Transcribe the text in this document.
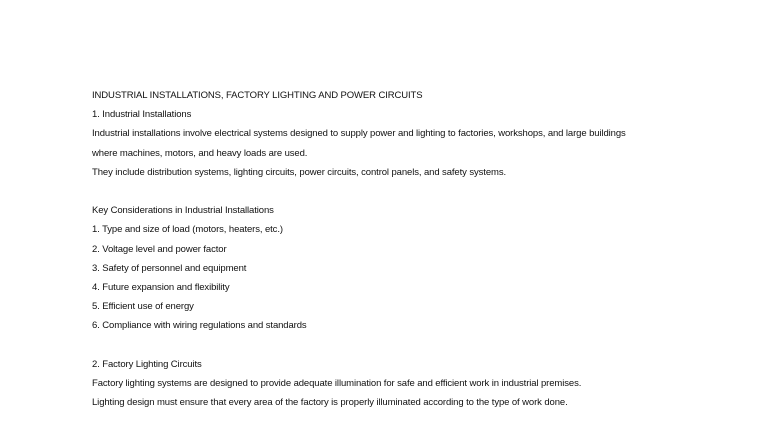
INDUSTRIAL INSTALLATIONS, FACTORY LIGHTING AND POWER CIRCUITS
1. Industrial Installations
Industrial installations involve electrical systems designed to supply power and lighting to factories, workshops, and large buildings
where machines, motors, and heavy loads are used.
They include distribution systems, lighting circuits, power circuits, control panels, and safety systems.
Key Considerations in Industrial Installations
1. Type and size of load (motors, heaters, etc.)
2. Voltage level and power factor
3. Safety of personnel and equipment
4. Future expansion and flexibility
5. Efficient use of energy
6. Compliance with wiring regulations and standards
2. Factory Lighting Circuits
Factory lighting systems are designed to provide adequate illumination for safe and efficient work in industrial premises.
Lighting design must ensure that every area of the factory is properly illuminated according to the type of work done.
